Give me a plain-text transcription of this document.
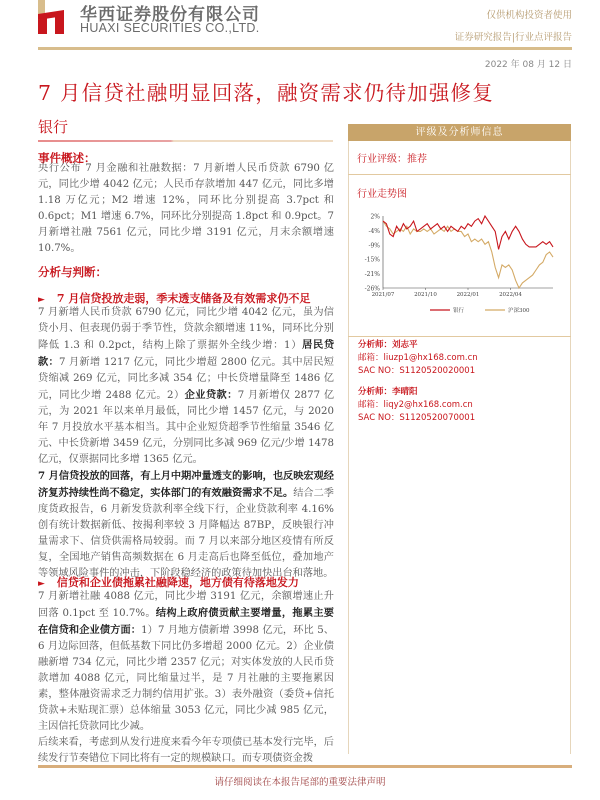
华西证券股份有限公司
HUAXI SECURITIES CO.,LTD.
仅供机构投资者使用
证券研究报告|行业点评报告
2022 年 08 月 12 日
7 月信贷社融明显回落，融资需求仍待加强修复
银行
事件概述：
央行公布 7 月金融和社融数据：7 月新增人民币贷款 6790 亿元，同比少增 4042 亿元；人民币存款增加 447 亿元，同比多增 1.18 万亿元；M2 增速 12%，同环比分别提高 3.7pct 和 0.6pct；M1 增速 6.7%，同环比分别提高 1.8pct 和 0.9pct。7 月新增社融 7561 亿元，同比少增 3191 亿元，月末余额增速 10.7%。
分析与判断：
► 7 月信贷投放走弱，季末透支储备及有效需求仍不足
7 月新增人民币贷款 6790 亿元，同比少增 4042 亿元，虽为信贷小月、但表现仍弱于季节性，贷款余额增速 11%，同环比分别降低 1.3 和 0.2pct，结构上除了票据外全线少增：1）居民贷款：7 月新增 1217 亿元，同比少增超 2800 亿元。其中居民短贷缩减 269 亿元，同比多减 354 亿；中长贷增量降至 1486 亿元，同比少增 2488 亿元。2）企业贷款：7 月新增仅 2877 亿元，为 2021 年以来单月最低，同比少增 1457 亿元，与 2020 年 7 月投放水平基本相当。其中企业短贷超季节性缩量 3546 亿元、中长贷新增 3459 亿元，分别同比多减 969 亿元/少增 1478 亿元，仅票据同比多增 1365 亿元。
7 月信贷投放的回落，有上月中期冲量透支的影响，也反映宏观经济复苏持续性尚不稳定，实体部门的有效融资需求不足。结合二季度货政报告，6 月新发贷款利率全线下行，企业贷款利率 4.16%创有统计数据新低、按揭利率较 3 月降幅达 87BP，反映银行冲量需求下、信贷供需格局较弱。而 7 月以来部分地区疫情有所反复，全国地产销售高频数据在 6 月走高后也降至低位，叠加地产等领域风险事件的冲击，下阶段稳经济的政策待加快出台和落地。
► 信贷和企业债拖累社融降速，地方债有待落地发力
7 月新增社融 4088 亿元，同比少增 3191 亿元，余额增速止升回落 0.1pct 至 10.7%。结构上政府债贡献主要增量，拖累主要在信贷和企业债方面：1）7 月地方债新增 3998 亿元，环比 5、6 月边际回落，但低基数下同比仍多增超 2000 亿元。2）企业债融新增 734 亿元，同比少增 2357 亿元；对实体发放的人民币贷款增加 4088 亿元，同比缩量过半，是 7 月社融的主要拖累因素，整体融资需求乏力制约信用扩张。3）表外融资（委贷+信托贷款+未贴现汇票）总体缩量 3053 亿元，同比少减 985 亿元，主因信托贷款同比少减。
后续来看，考虑到从发行进度来看今年专项债已基本发行完毕，后续发行节奏错位下同比将有一定的规模缺口。而专项债资金拨
评级及分析师信息
行业评级：推荐
行业走势图
2%
-4%
-9%
-15%
-21%
-26%
2021/07	2021/10	2022/01	2022/04
银行	沪深300
分析师：刘志平
邮箱：liuzp1@hx168.com.cn
SAC NO：S1120520020001
分析师：李晴阳
邮箱：liqy2@hx168.com.cn
SAC NO：S1120520070001
请仔细阅读在本报告尾部的重要法律声明
